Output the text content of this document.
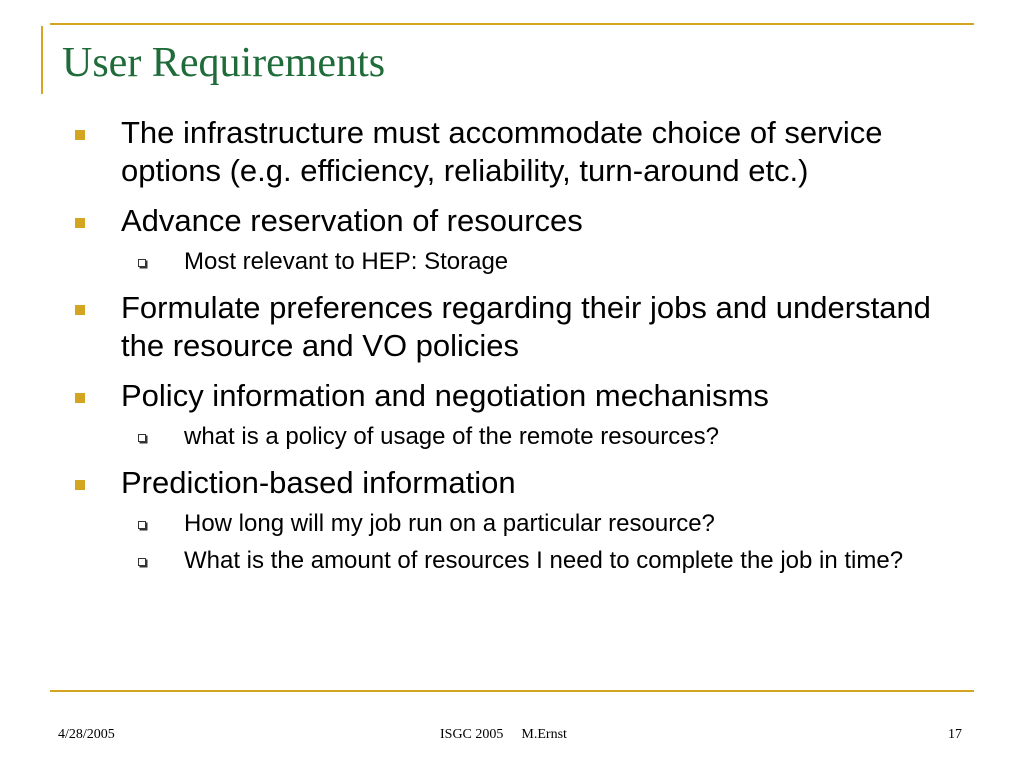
User Requirements
The infrastructure must accommodate choice of service options (e.g. efficiency, reliability, turn-around etc.)
Advance reservation of resources
Most relevant to HEP: Storage
Formulate preferences regarding their jobs and understand the resource and VO policies
Policy information and negotiation mechanisms
what is a policy of usage of the remote resources?
Prediction-based information
How long will my job run on a particular resource?
What is the amount of resources I need to complete the job in time?
4/28/2005	ISGC 2005 M.Ernst	17
